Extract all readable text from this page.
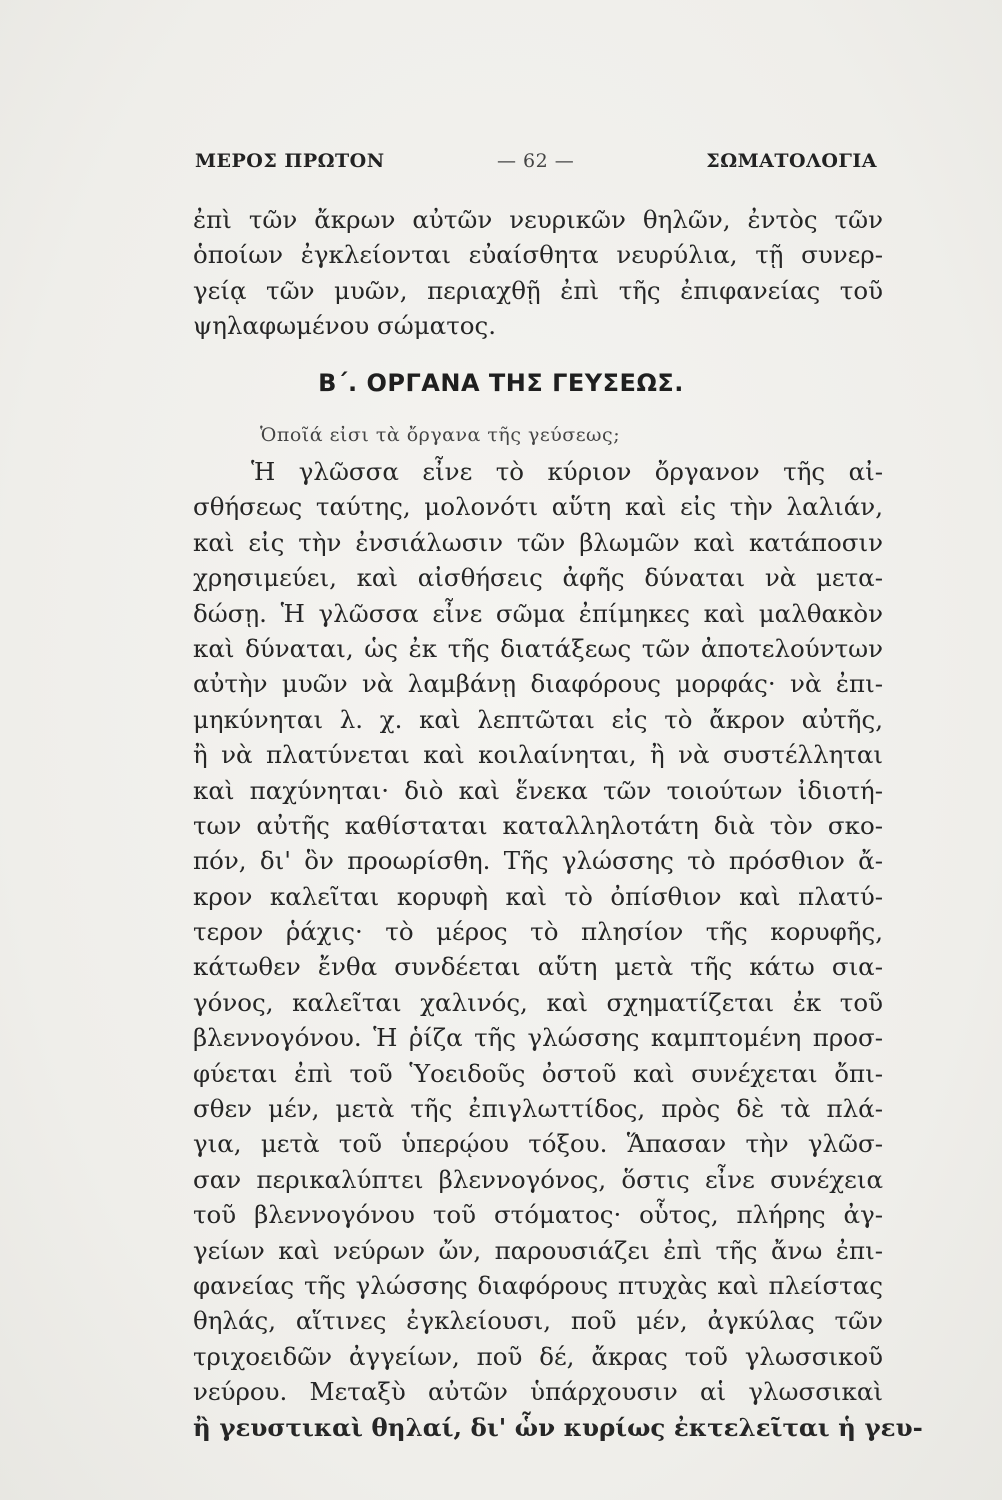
ΜΕΡΟΣ ΠΡΩΤΟΝ	— 62 —	ΣΩΜΑΤΟΛΟΓΙΑ
ἐπὶ τῶν ἄκρων αὐτῶν νευρικῶν θηλῶν, ἐντὸς τῶν
ὁποίων ἐγκλείονται εὐαίσθητα νευρύλια, τῇ συνερ-
γείᾳ τῶν μυῶν, περιαχθῇ ἐπὶ τῆς ἐπιφανείας τοῦ
ψηλαφωμένου σώματος.
Β΄. ΟΡΓΑΝΑ ΤΗΣ ΓΕΥΣΕΩΣ.
Ὁποῖά εἰσι τὰ ὄργανα τῆς γεύσεως;
Ἡ γλῶσσα εἶνε τὸ κύριον ὄργανον τῆς αἰ-
σθήσεως ταύτης, μολονότι αὕτη καὶ εἰς τὴν λαλιάν,
καὶ εἰς τὴν ἐνσιάλωσιν τῶν βλωμῶν καὶ κατάποσιν
χρησιμεύει, καὶ αἰσθήσεις ἀφῆς δύναται νὰ μετα-
δώσῃ. Ἡ γλῶσσα εἶνε σῶμα ἐπίμηκες καὶ μαλθακὸν
καὶ δύναται, ὡς ἐκ τῆς διατάξεως τῶν ἀποτελούντων
αὐτὴν μυῶν νὰ λαμβάνῃ διαφόρους μορφάς· νὰ ἐπι-
μηκύνηται λ. χ. καὶ λεπτῶται εἰς τὸ ἄκρον αὐτῆς,
ἢ νὰ πλατύνεται καὶ κοιλαίνηται, ἢ νὰ συστέλληται
καὶ παχύνηται· διὸ καὶ ἕνεκα τῶν τοιούτων ἰδιοτή-
των αὐτῆς καθίσταται καταλληλοτάτη διὰ τὸν σκο-
πόν, δι' ὃν προωρίσθη. Τῆς γλώσσης τὸ πρόσθιον ἄ-
κρον καλεῖται κορυφὴ καὶ τὸ ὀπίσθιον καὶ πλατύ-
τερον ῥάχις· τὸ μέρος τὸ πλησίον τῆς κορυφῆς,
κάτωθεν ἔνθα συνδέεται αὕτη μετὰ τῆς κάτω σια-
γόνος, καλεῖται χαλινός, καὶ σχηματίζεται ἐκ τοῦ
βλεννογόνου. Ἡ ῥίζα τῆς γλώσσης καμπτομένη προσ-
φύεται ἐπὶ τοῦ Ὑοειδοῦς ὀστοῦ καὶ συνέχεται ὄπι-
σθεν μέν, μετὰ τῆς ἐπιγλωττίδος, πρὸς δὲ τὰ πλά-
για, μετὰ τοῦ ὑπερῴου τόξου. Ἅπασαν τὴν γλῶσ-
σαν περικαλύπτει βλεννογόνος, ὅστις εἶνε συνέχεια
τοῦ βλεννογόνου τοῦ στόματος· οὗτος, πλήρης ἀγ-
γείων καὶ νεύρων ὤν, παρουσιάζει ἐπὶ τῆς ἄνω ἐπι-
φανείας τῆς γλώσσης διαφόρους πτυχὰς καὶ πλείστας
θηλάς, αἵτινες ἐγκλείουσι, ποῦ μέν, ἀγκύλας τῶν
τριχοειδῶν ἀγγείων, ποῦ δέ, ἄκρας τοῦ γλωσσικοῦ
νεύρου. Μεταξὺ αὐτῶν ὑπάρχουσιν αἱ γλωσσικαὶ
ἢ γευστικαὶ θηλαί, δι' ὧν κυρίως ἐκτελεῖται ἡ γευ-
